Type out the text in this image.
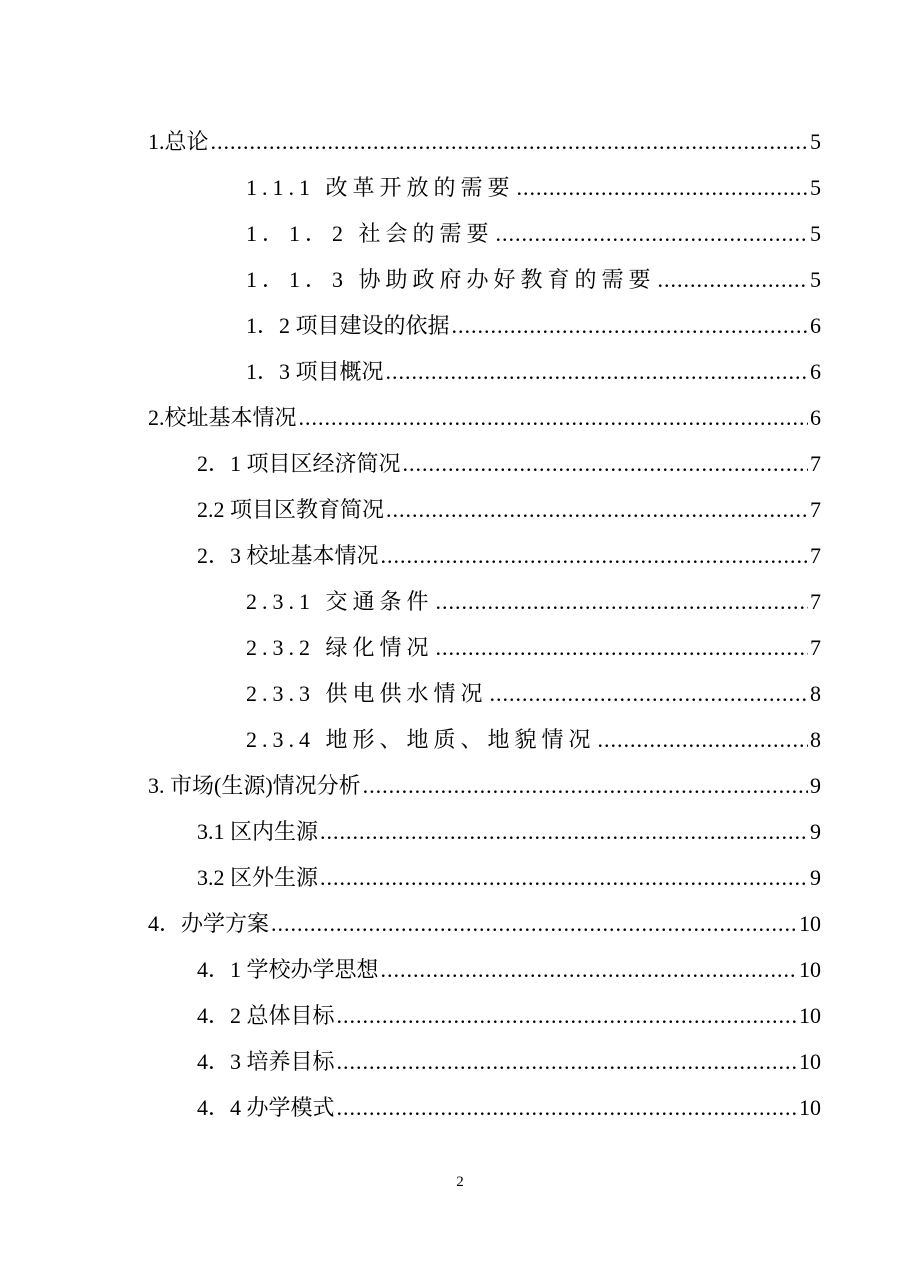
1.总论 .....	5
1.1.1 改革开放的需要 .....	5
1．1．2 社会的需要 .....	5
1．1．3 协助政府办好教育的需要 .....	5
1．2 项目建设的依据 .....	6
1．3 项目概况 .....	6
2.校址基本情况 .....	6
2．1 项目区经济简况 .....	7
2.2 项目区教育简况 .....	7
2．3 校址基本情况 .....	7
2.3.1 交通条件 .....	7
2.3.2 绿化情况 .....	7
2.3.3 供电供水情况 .....	8
2.3.4 地形、地质、地貌情况 .....	8
3. 市场(生源)情况分析 .....	9
3.1 区内生源 .....	9
3.2 区外生源 .....	9
4．办学方案 .....	10
4．1 学校办学思想 .....	10
4．2 总体目标 .....	10
4．3 培养目标 .....	10
4．4 办学模式 .....	10
2
